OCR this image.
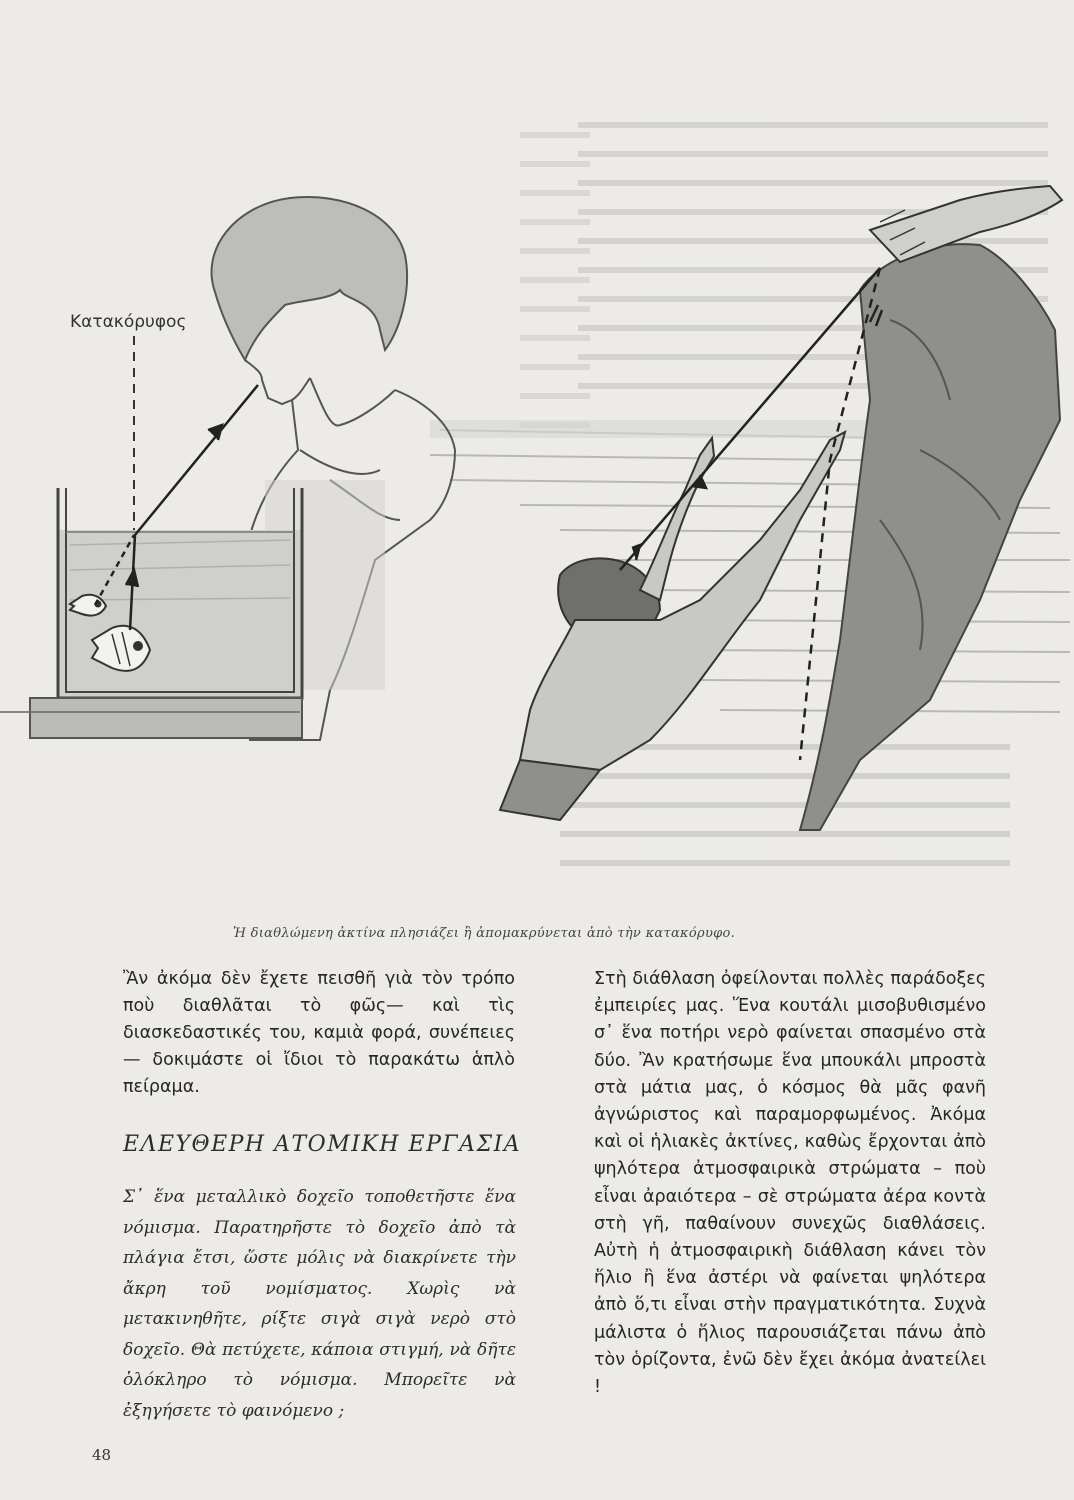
Κατακόρυφος
Ἡ διαθλώμενη ἀκτίνα πλησιάζει ἢ ἀπομακρύνεται ἀπὸ τὴν κατακόρυφο.
Ἂν ἀκόμα δὲν ἔχετε πεισθῆ γιὰ τὸν τρόπο ποὺ διαθλᾶται τὸ φῶς— καὶ τὶς διασκεδαστικές του, καμιὰ φορά, συνέπειες— δοκιμάστε οἱ ἴδιοι τὸ παρακάτω ἁπλὸ πείραμα.
ΕΛΕΥΘΕΡΗ ΑΤΟΜΙΚΗ ΕΡΓΑΣΙΑ
Σ᾿ ἕνα μεταλλικὸ δοχεῖο τοποθετῆστε ἕνα νόμισμα. Παρατηρῆστε τὸ δοχεῖο ἀπὸ τὰ πλάγια ἔτσι, ὥστε μόλις νὰ διακρίνετε τὴν ἄκρη τοῦ νομίσματος. Χωρὶς νὰ μετακινηθῆτε, ρίξτε σιγὰ σιγὰ νερὸ στὸ δοχεῖο. Θὰ πετύχετε, κάποια στιγμή, νὰ δῆτε ὁλόκληρο τὸ νόμισμα. Μπορεῖτε νὰ ἐξηγήσετε τὸ φαινόμενο ;
Στὴ διάθλαση ὀφείλονται πολλὲς παράδοξες ἐμπειρίες μας. Ἕνα κουτάλι μισοβυθισμένο σ᾿ ἕνα ποτήρι νερὸ φαίνεται σπασμένο στὰ δύο. Ἂν κρατήσωμε ἕνα μπουκάλι μπροστὰ στὰ μάτια μας, ὁ κόσμος θὰ μᾶς φανῆ ἀγνώριστος καὶ παραμορφωμένος. Ἀκόμα καὶ οἱ ἡλιακὲς ἀκτίνες, καθὼς ἔρχονται ἀπὸ ψηλότερα ἀτμοσφαιρικὰ στρώματα – ποὺ εἶναι ἀραιότερα – σὲ στρώματα ἀέρα κοντὰ στὴ γῆ, παθαίνουν συνεχῶς διαθλάσεις. Αὐτὴ ἡ ἀτμοσφαιρικὴ διάθλαση κάνει τὸν ἥλιο ἢ ἕνα ἀστέρι νὰ φαίνεται ψηλότερα ἀπὸ ὅ,τι εἶναι στὴν πραγματικότητα. Συχνὰ μάλιστα ὁ ἥλιος παρουσιάζεται πάνω ἀπὸ τὸν ὁρίζοντα, ἐνῶ δὲν ἔχει ἀκόμα ἀνατείλει !
48
